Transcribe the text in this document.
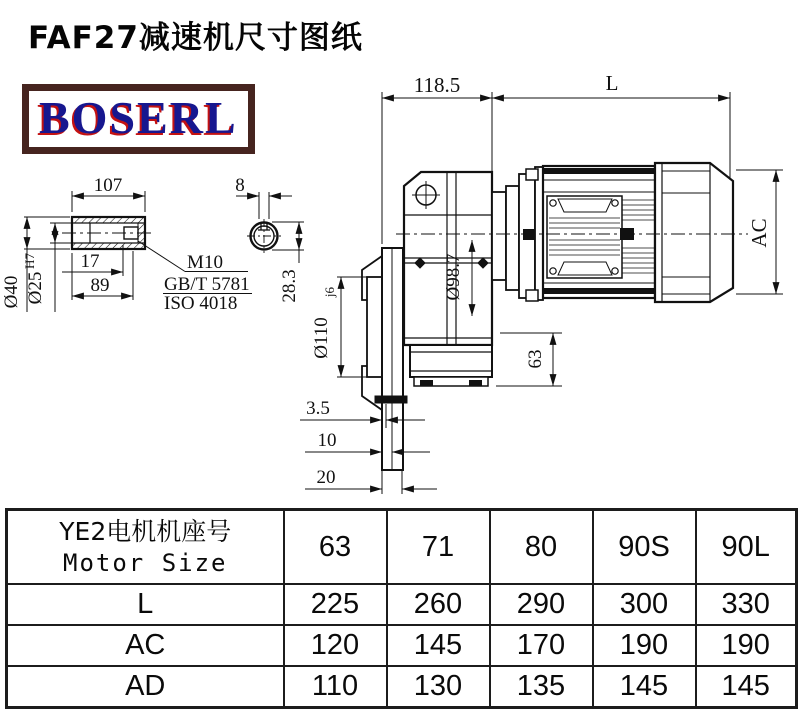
FAF27减速机尺寸图纸
BOSERL
107
17
89
M10
GB/T 5781
ISO 4018
Ø40 Ø25
H7
8
28.3
118.5	L
AC
Ø110
j6	Ø98.7
63
3.5
10
20
YE2电机机座号
Motor Size	63	71	80	90S	90L
L	225	260	290	300	330
AC	120	145	170	190	190
AD	110	130	135	145	145
